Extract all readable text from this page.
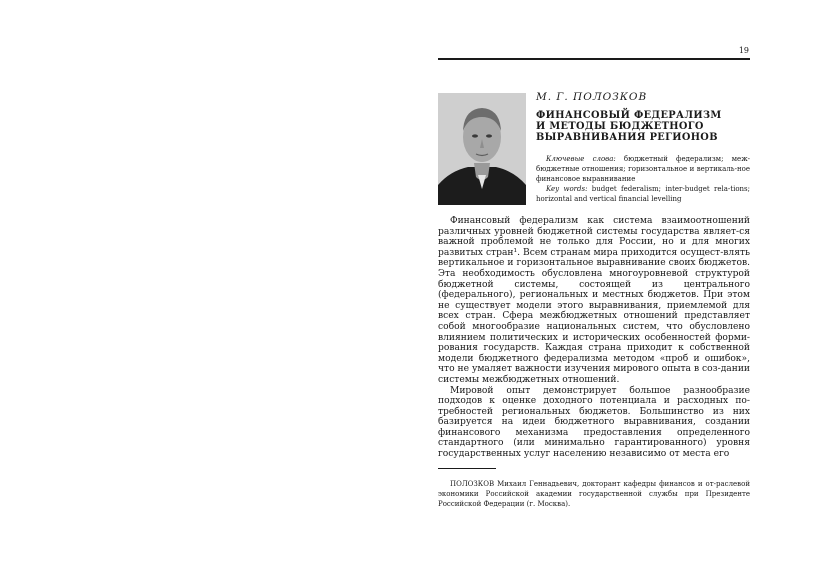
19
М. Г. ПОЛОЗКОВ
ФИНАНСОВЫЙ ФЕДЕРАЛИЗМ
И МЕТОДЫ БЮДЖЕТНОГО
ВЫРАВНИВАНИЯ РЕГИОНОВ
Ключевые слова: бюджетный федерализм; меж-бюджетные отношения; горизонтальное и вертикаль-ное финансовое выравнивание
Key words: budget federalism; inter-budget rela-tions; horizontal and vertical financial levelling

Финансовый федерализм как система взаимоотношений различных уровней бюджетной системы государства являет-ся важной проблемой не только для России, но и для многих развитых стран¹. Всем странам мира приходится осущест-влять вертикальное и горизонтальное выравнивание своих бюджетов. Эта необходимость обусловлена многоуровневой структурой бюджетной системы, состоящей из центрального (федерального), региональных и местных бюджетов. При этом не существует модели этого выравнивания, приемлемой для всех стран. Сфера межбюджетных отношений представляет собой многообразие национальных систем, что обусловлено влиянием политических и исторических особенностей форми-рования государств. Каждая страна приходит к собственной модели бюджетного федерализма методом «проб и ошибок», что не умаляет важности изучения мирового опыта в соз-дании системы межбюджетных отношений.

Мировой опыт демонстрирует большое разнообразие подходов к оценке доходного потенциала и расходных по-требностей региональных бюджетов. Большинство из них базируется на идеи бюджетного выравнивания, создании финансового механизма предоставления определенного стандартного (или минимально гарантированного) уровня государственных услуг населению независимо от места его

ПОЛОЗКОВ Михаил Геннадьевич, докторант кафедры финансов и от-раслевой экономики Российской академии государственной службы при Президенте Российской Федерации (г. Москва).
